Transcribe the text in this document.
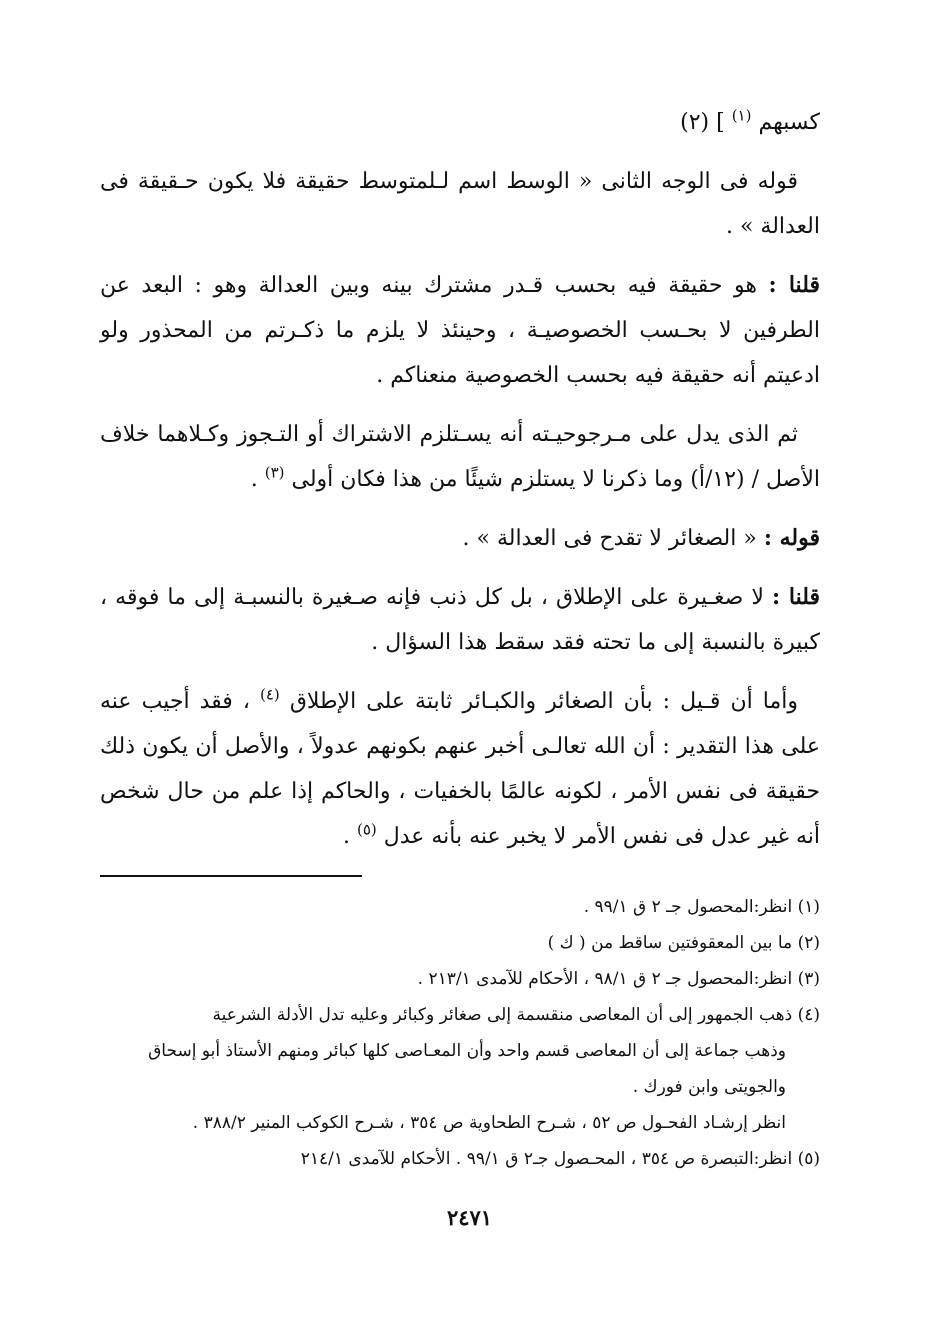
كسبهم $^{(١)}$ ] (٢)

قوله فى الوجه الثانى « الوسط اسم لـلمتوسط حقيقة فلا يكون حـقيقة فى العدالة » .

قلنا : هو حقيقة فيه بحسب قـدر مشترك بينه وبين العدالة وهو : البعد عن الطرفين لا بحـسب الخصوصيـة ، وحينئذ لا يلزم ما ذكـرتم من المحذور ولو ادعيتم أنه حقيقة فيه بحسب الخصوصية منعناكم .

ثم الذى يدل على مـرجوحيـته أنه يسـتلزم الاشتراك أو التـجوز وكـلاهما خلاف الأصل / (١٢/أ) وما ذكرنا لا يستلزم شيئًا من هذا فكان أولى $^{(٣)}$ .

قوله : « الصغائر لا تقدح فى العدالة » .

قلنا : لا صغـيرة على الإطلاق ، بل كل ذنب فإنه صـغيرة بالنسبـة إلى ما فوقه ، كبيرة بالنسبة إلى ما تحته فقد سقط هذا السؤال .

وأما أن قـيل : بأن الصغائر والكبـائر ثابتة على الإطلاق $^{(٤)}$ ، فقد أجيب عنه على هذا التقدير : أن الله تعالـى أخبر عنهم بكونهم عدولاً ، والأصل أن يكون ذلك حقيقة فى نفس الأمر ، لكونه عالمًا بالخفيات ، والحاكم إذا علم من حال شخص أنه غير عدل فى نفس الأمر لا يخبر عنه بأنه عدل $^{(٥)}$ .

(١) انظر:المحصول جـ ٢ ق ٩٩/١ .

(٢) ما بين المعقوفتين ساقط من ( ك )

(٣) انظر:المحصول جـ ٢ ق ٩٨/١ ، الأحكام للآمدى ٢١٣/١ .

(٤) ذهب الجمهور إلى أن المعاصى منقسمة إلى صغائر وكبائر وعليه تدل الأدلة الشرعية

وذهب جماعة إلى أن المعاصى قسم واحد وأن المعـاصى كلها كبائر ومنهم الأستاذ أبو إسحاق والجويتى وابن فورك .

انظر إرشـاد الفحـول ص ٥٢ ، شـرح الطحاوية ص ٣٥٤ ، شـرح الكوكب المنير ٣٨٨/٢ .

(٥) انظر:التبصرة ص ٣٥٤ ، المحـصول جـ٢ ق ٩٩/١ . الأحكام للآمدى ٢١٤/١

٢٤٧١
